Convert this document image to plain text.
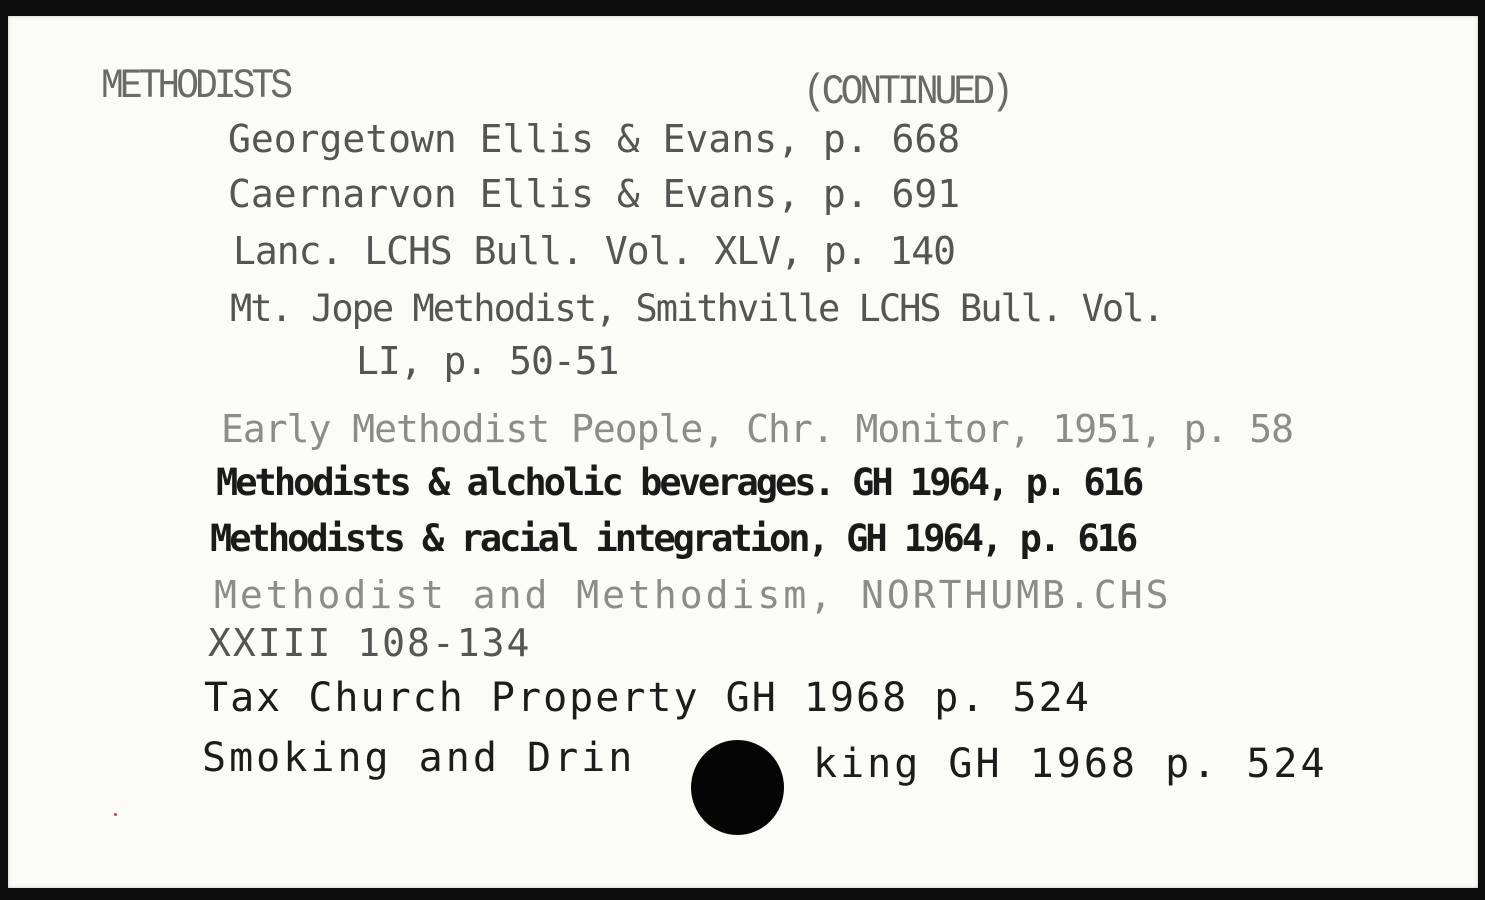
METHODISTS	(CONTINUED)
Georgetown Ellis & Evans, p. 668
Caernarvon Ellis & Evans, p. 691
Lanc. LCHS Bull. Vol. XLV, p. 140
Mt. Jope Methodist, Smithville LCHS Bull. Vol.
LI, p. 50-51
Early Methodist People, Chr. Monitor, 1951, p. 58
Methodists & alcholic beverages. GH 1964, p. 616
Methodists & racial integration, GH 1964, p. 616
Methodist and Methodism, NORTHUMB.CHS
XXIII 108-134
Tax Church Property GH 1968 p. 524
Smoking and Drin	king GH 1968 p. 524
